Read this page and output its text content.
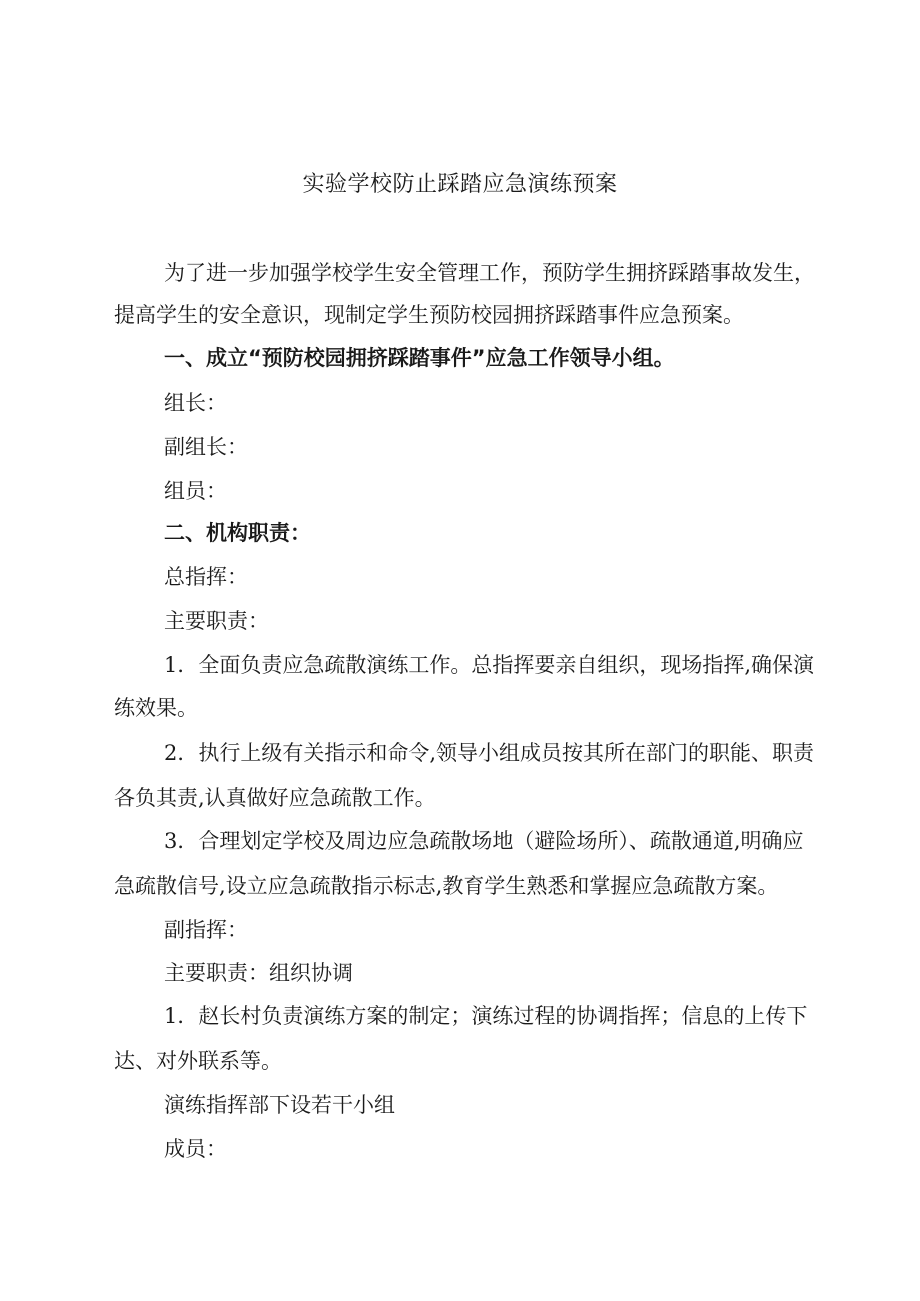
实验学校防止踩踏应急演练预案
为了进一步加强学校学生安全管理工作，预防学生拥挤踩踏事故发生，
提高学生的安全意识，现制定学生预防校园拥挤踩踏事件应急预案。
一、成立“预防校园拥挤踩踏事件”应急工作领导小组。
组长：
副组长：
组员：
二、机构职责：
总指挥：
主要职责：
1．全面负责应急疏散演练工作。总指挥要亲自组织，现场指挥,确保演
练效果。
2．执行上级有关指示和命令,领导小组成员按其所在部门的职能、职责
各负其责,认真做好应急疏散工作。
3．合理划定学校及周边应急疏散场地（避险场所）、疏散通道,明确应
急疏散信号,设立应急疏散指示标志,教育学生熟悉和掌握应急疏散方案。
副指挥：
主要职责：组织协调
1．赵长村负责演练方案的制定；演练过程的协调指挥；信息的上传下
达、对外联系等。
演练指挥部下设若干小组
成员：
